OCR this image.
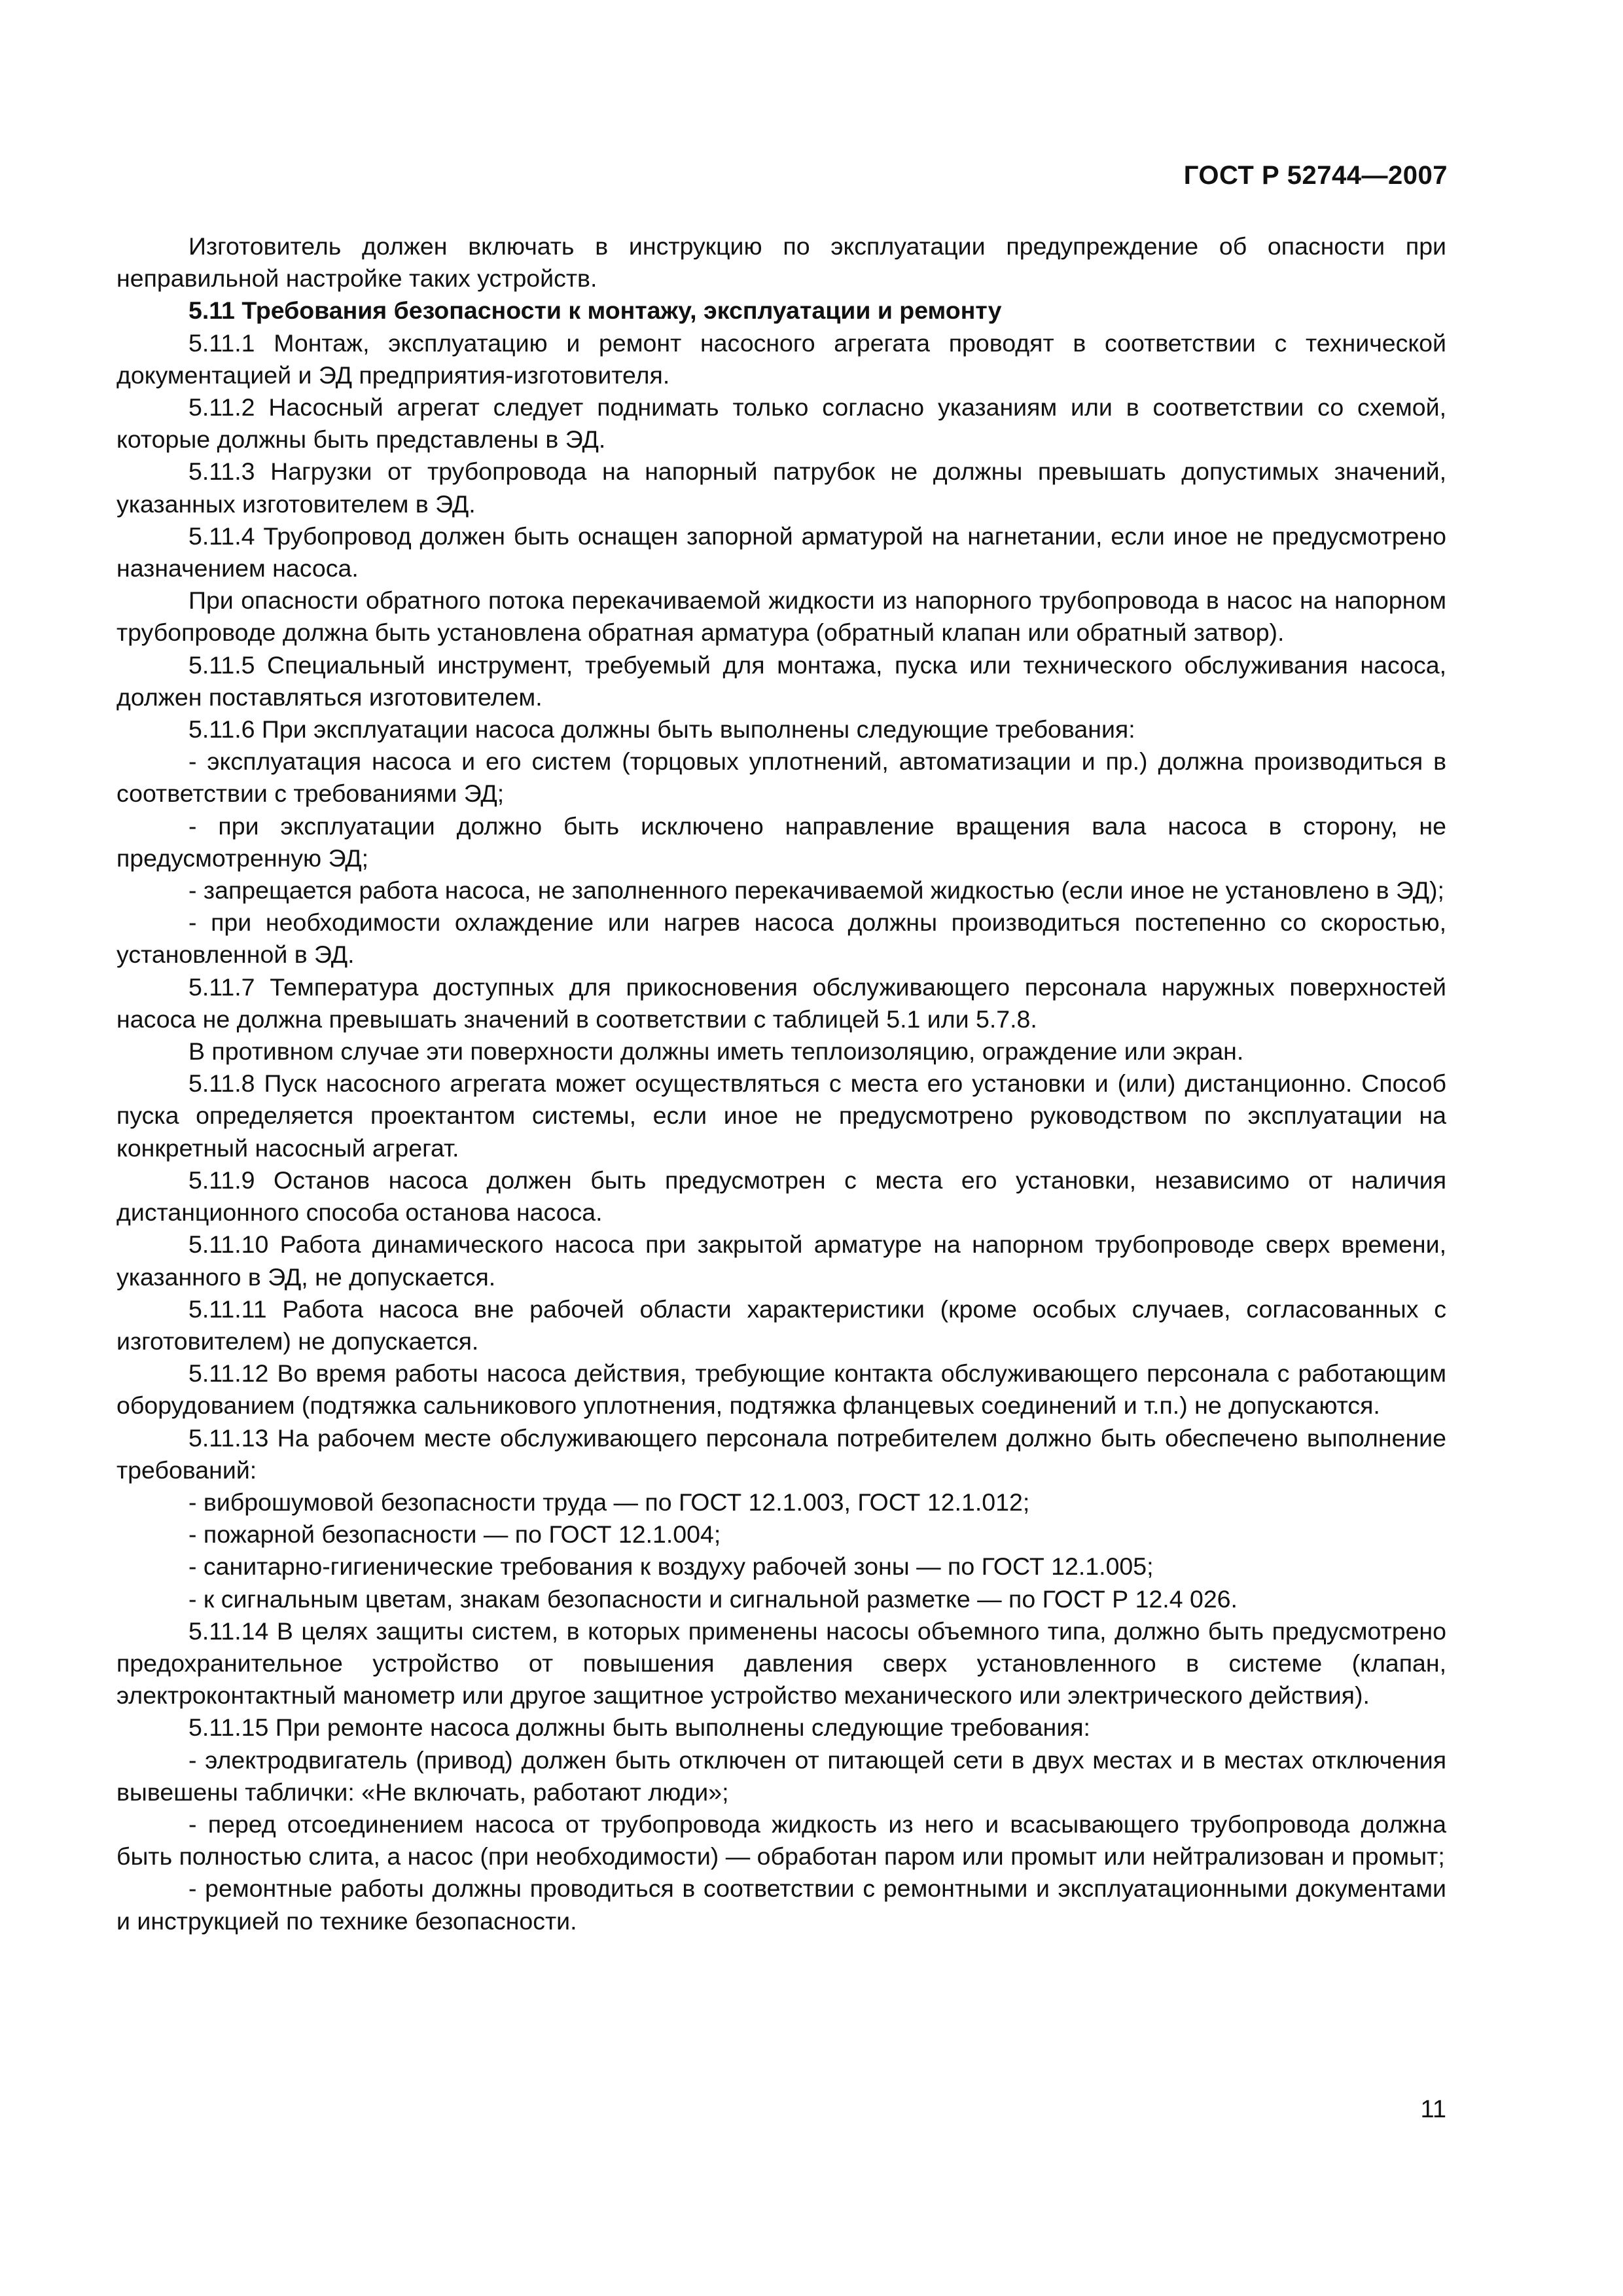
ГОСТ Р 52744—2007

Изготовитель должен включать в инструкцию по эксплуатации предупреждение об опасности при неправильной настройке таких устройств.

5.11 Требования безопасности к монтажу, эксплуатации и ремонту

5.11.1 Монтаж, эксплуатацию и ремонт насосного агрегата проводят в соответствии с технической документацией и ЭД предприятия-изготовителя.

5.11.2 Насосный агрегат следует поднимать только согласно указаниям или в соответствии со схемой, которые должны быть представлены в ЭД.

5.11.3 Нагрузки от трубопровода на напорный патрубок не должны превышать допустимых значений, указанных изготовителем в ЭД.

5.11.4 Трубопровод должен быть оснащен запорной арматурой на нагнетании, если иное не предусмотрено назначением насоса.

При опасности обратного потока перекачиваемой жидкости из напорного трубопровода в насос на напорном трубопроводе должна быть установлена обратная арматура (обратный клапан или обратный затвор).

5.11.5 Специальный инструмент, требуемый для монтажа, пуска или технического обслуживания насоса, должен поставляться изготовителем.

5.11.6 При эксплуатации насоса должны быть выполнены следующие требования:

- эксплуатация насоса и его систем (торцовых уплотнений, автоматизации и пр.) должна производиться в соответствии с требованиями ЭД;

- при эксплуатации должно быть исключено направление вращения вала насоса в сторону, не предусмотренную ЭД;

- запрещается работа насоса, не заполненного перекачиваемой жидкостью (если иное не установлено в ЭД);

- при необходимости охлаждение или нагрев насоса должны производиться постепенно со скоростью, установленной в ЭД.

5.11.7 Температура доступных для прикосновения обслуживающего персонала наружных поверхностей насоса не должна превышать значений в соответствии с таблицей 5.1 или 5.7.8.

В противном случае эти поверхности должны иметь теплоизоляцию, ограждение или экран.

5.11.8 Пуск насосного агрегата может осуществляться с места его установки и (или) дистанционно. Способ пуска определяется проектантом системы, если иное не предусмотрено руководством по эксплуатации на конкретный насосный агрегат.

5.11.9 Останов насоса должен быть предусмотрен с места его установки, независимо от наличия дистанционного способа останова насоса.

5.11.10 Работа динамического насоса при закрытой арматуре на напорном трубопроводе сверх времени, указанного в ЭД, не допускается.

5.11.11 Работа насоса вне рабочей области характеристики (кроме особых случаев, согласованных с изготовителем) не допускается.

5.11.12 Во время работы насоса действия, требующие контакта обслуживающего персонала с работающим оборудованием (подтяжка сальникового уплотнения, подтяжка фланцевых соединений и т.п.) не допускаются.

5.11.13 На рабочем месте обслуживающего персонала потребителем должно быть обеспечено выполнение требований:

- виброшумовой безопасности труда — по ГОСТ 12.1.003, ГОСТ 12.1.012;

- пожарной безопасности — по ГОСТ 12.1.004;

- санитарно-гигиенические требования к воздуху рабочей зоны — по ГОСТ 12.1.005;

- к сигнальным цветам, знакам безопасности и сигнальной разметке — по ГОСТ Р 12.4 026.

5.11.14 В целях защиты систем, в которых применены насосы объемного типа, должно быть предусмотрено предохранительное устройство от повышения давления сверх установленного в системе (клапан, электроконтактный манометр или другое защитное устройство механического или электрического действия).

5.11.15 При ремонте насоса должны быть выполнены следующие требования:

- электродвигатель (привод) должен быть отключен от питающей сети в двух местах и в местах отключения вывешены таблички: «Не включать, работают люди»;

- перед отсоединением насоса от трубопровода жидкость из него и всасывающего трубопровода должна быть полностью слита, а насос (при необходимости) — обработан паром или промыт или нейтрализован и промыт;

- ремонтные работы должны проводиться в соответствии с ремонтными и эксплуатационными документами и инструкцией по технике безопасности.

11
